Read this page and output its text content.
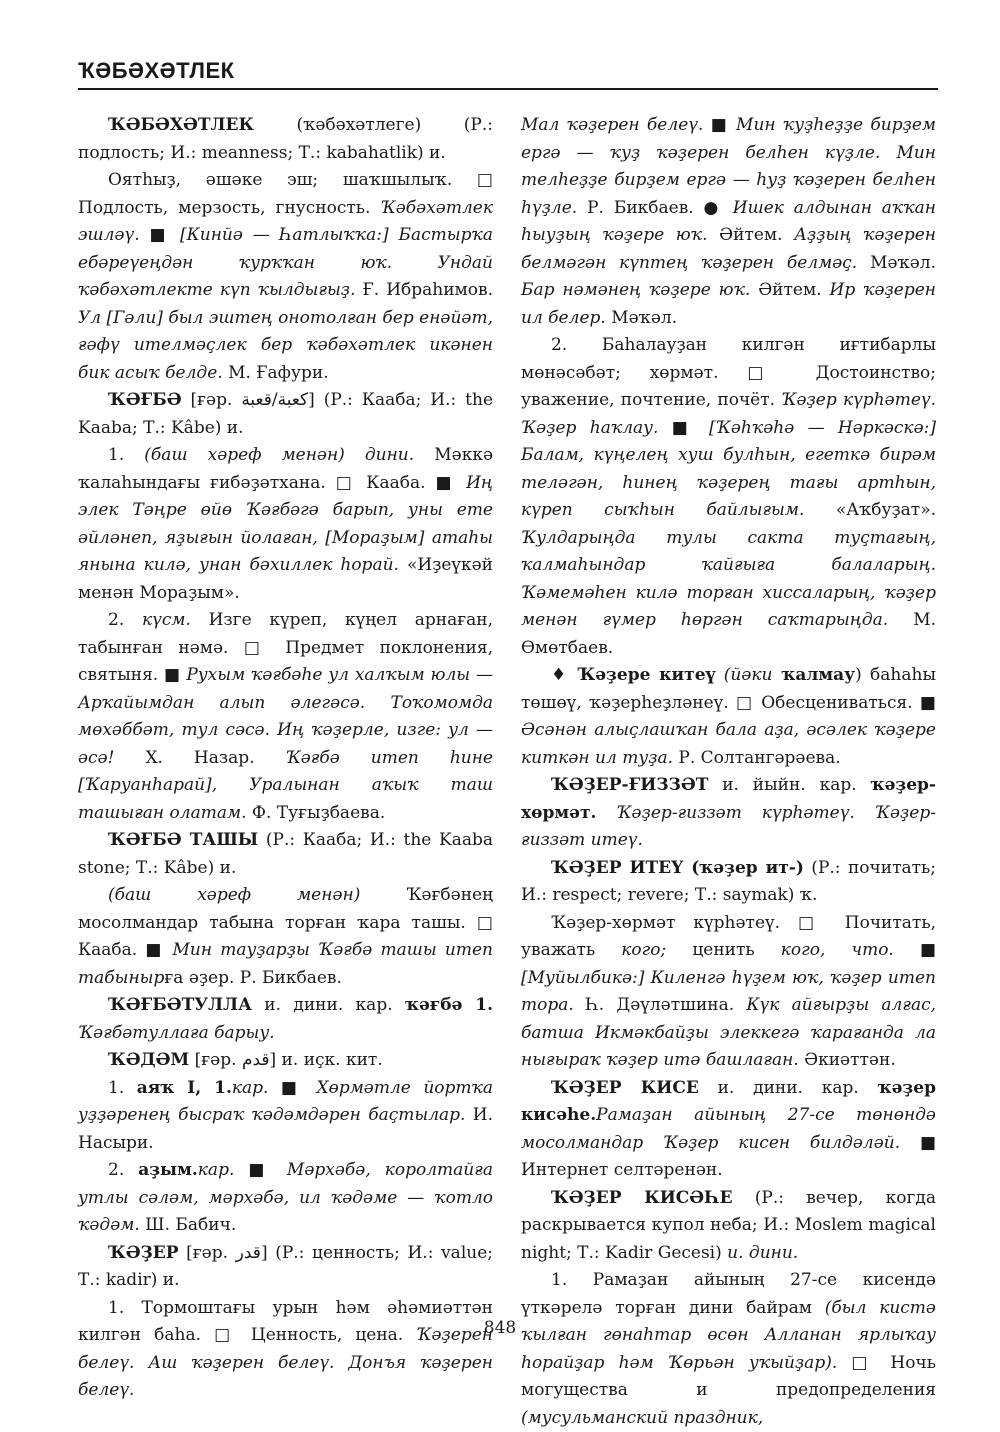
ҠӘБӘХӘТЛЕК
ҠӘБӘХӘТЛЕК (ҡәбәхәтлеге) (Р.: подлость; И.: meanness; Т.: kabahatlik) и.
Оятһыҙ, әшәке эш; шаҡшылыҡ. □ Подлость, мерзость, гнусность. Ҡәбәхәтлек эшләү. ■ [Кинйә — Һатлыҡҡа:] Бастырҡа ебәреүеңдән ҡурҡҡан юҡ. Ундай ҡәбәхәтлекте күп ҡылдығыҙ. Ғ. Ибраһимов. Ул [Гәли] был эштең онотолған бер енәйәт, ғәфү ителмәҫлек бер ҡәбәхәтлек икәнен бик асыҡ белде. М. Ғафури.
ҠӘҒБӘ [ғәр. كعبة/قعبة] (Р.: Кааба; И.: the Kaaba; Т.: Kâbe) и.
1. (баш хәреф менән) дини. Мәккә ҡалаһындағы ғибәҙәтхана. □ Кааба. ■ Иң элек Тәңре өйө Ҡәғбәгә барып, уны ете әйләнеп, яҙығын йолаған, [Мораҙым] атаһы янына килә, унан бәхиллек һорай. «Иҙеүкәй менән Мораҙым».
2. күсм. Изге күреп, күңел арнаған, табынған нәмә. □ Предмет поклонения, святыня. ■ Рухым ҡәғбәһе ул халҡым юлы — Арҡайымдан алып әлегәсә. Тоҡомомда мөхәббәт, тул сәсә. Иң ҡәҙерле, изге: ул — әсә! Х. Назар. Ҡәғбә итеп һине [Ҡаруанһарай], Уралынан аҡыҡ таш ташыған олатам. Ф. Туғыҙбаева.
ҠӘҒБӘ ТАШЫ (Р.: Кааба; И.: the Kaaba stone; Т.: Kâbe) и.
(баш хәреф менән) Ҡәғбәнең мосолмандар табына торған ҡара ташы. □ Кааба. ■ Мин тауҙарҙы Ҡәғбә ташы итеп табынырға әҙер. Р. Бикбаев.
ҠӘҒБӘТУЛЛА и. дини. кар. ҡәғбә 1. Ҡәғбәтуллаға барыу.
ҠӘДӘМ [ғәр. قدم] и. иҫк. кит.
1. аяҡ I, 1.кар. ■ Хөрмәтле йортҡа уҙҙәренең бысраҡ ҡәдәмдәрен баҫтылар. И. Насыри.
2. аҙым.кар. ■ Мәрхәбә, королтайға утлы сәләм, мәрхәбә, ил ҡәдәме — ҡотло ҡәдәм. Ш. Бабич.
ҠӘҘЕР [ғәр. قدر] (Р.: ценность; И.: value; Т.: kadir) и.
1. Тормоштағы урын һәм әһәмиәттән килгән баһа. □ Ценность, цена. Ҡәҙерен белеү. Аш ҡәҙерен белеү. Донъя ҡәҙерен белеү.
Мал ҡәҙерен белеү. ■ Мин ҡуҙһеҙҙе бирҙем ергә — ҡуҙ ҡәҙерен белһен күҙле. Мин телһеҙҙе бирҙем ергә — һуҙ ҡәҙерен белһен һүҙле. Р. Бикбаев. ● Ишек алдынан аҡҡан һыуҙың ҡәҙере юҡ. Әйтем. Аҙҙың ҡәҙерен белмәгән күптең ҡәҙерен белмәҫ. Мәҡәл. Бар нәмәнең ҡәҙере юҡ. Әйтем. Ир ҡәҙерен ил белер. Мәҡәл.
2. Баһалауҙан килгән иғтибарлы мөнәсәбәт; хөрмәт. □ Достоинство; уважение, почтение, почёт. Ҡәҙер күрһәтеү. Ҡәҙер һаҡлау. ■ [Ҡәһҡәһә — Нәркәскә:] Балам, күңелең хуш булһын, егеткә бирәм теләгән, һинең ҡәҙерең тағы артһын, күреп сыҡһын байлығым. «Аҡбуҙат». Ҡулдарыңда тулы сакта туҫтағың, ҡалмаһындар ҡайғыға балаларың. Ҡәмемәһен килә торған хиссаларың, ҡәҙер менән ғүмер һөргән саҡтарыңда. М. Өмөтбаев.
♦ Ҡәҙере китеү (йәки ҡалмау) баһаһы төшөү, ҡәҙерһеҙләнеү. □ Обесцениваться. ■ Әсәнән алыҫлашҡан бала аҙа, әсәлек ҡәҙере киткән ил туҙа. Р. Солтангәрәева.
ҠӘҘЕР-ҒИЗЗӘТ и. йыйн. кар. ҡәҙер-хөрмәт. Ҡәҙер-ғиззәт күрһәтеү. Ҡәҙер-ғиззәт итеү.
ҠӘҘЕР ИТЕҮ (ҡәҙер ит-) (Р.: почитать; И.: respect; revere; Т.: saymak) ҡ.
Ҡәҙер-хөрмәт күрһәтеү. □ Почитать, уважать кого; ценить кого, что. ■ [Муйылбикә:] Киленгә һүҙем юҡ, ҡәҙер итеп тора. Һ. Дәүләтшина. Күк айғырҙы алғас, батша Икмәкбайҙы элеккегә ҡарағанда ла нығыраҡ ҡәҙер итә башлаған. Әкиәттән.
ҠӘҘЕР КИСЕ и. дини. кар. ҡәҙер кисәһе.Рамаҙан айының 27-се төнөндә мосолмандар Ҡәҙер кисен билдәләй. ■ Интернет селтәренән.
ҠӘҘЕР КИСӘҺЕ (Р.: вечер, когда раскрывается купол неба; И.: Moslem magical night; Т.: Kadir Gecesi) и. дини.
1. Рамаҙан айының 27-се кисендә үткәрелә торған дини байрам (был кистә ҡылған гөнаһтар өсөн Алланан ярлыҡау һорайҙар һәм Ҡөрьән уҡыйҙар). □ Ночь могущества и предопределения (мусульманский праздник,
848
